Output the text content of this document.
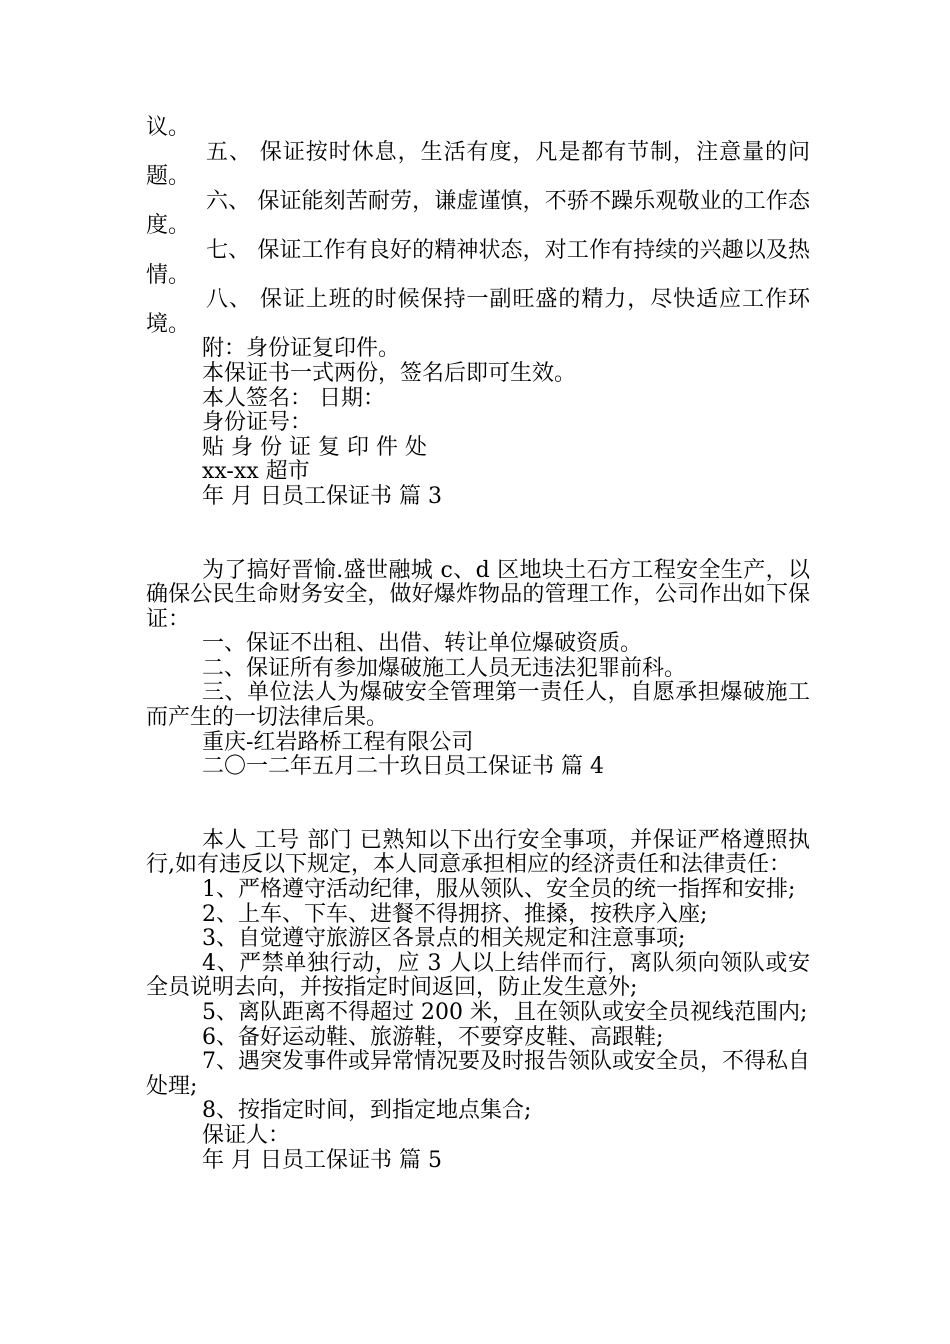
议。

五、 保证按时休息，生活有度，凡是都有节制，注意量的问题。

六、 保证能刻苦耐劳，谦虚谨慎，不骄不躁乐观敬业的工作态度。

七、 保证工作有良好的精神状态，对工作有持续的兴趣以及热情。

八、 保证上班的时候保持一副旺盛的精力，尽快适应工作环境。

附：身份证复印件。

本保证书一式两份，签名后即可生效。

本人签名： 日期：

身份证号：

贴 身 份 证 复 印 件 处

xx-xx 超市

年 月 日员工保证书 篇 3

为了搞好晋愉.盛世融城 c、d 区地块土石方工程安全生产，以确保公民生命财务安全，做好爆炸物品的管理工作，公司作出如下保证：

一、保证不出租、出借、转让单位爆破资质。

二、保证所有参加爆破施工人员无违法犯罪前科。

三、单位法人为爆破安全管理第一责任人，自愿承担爆破施工而产生的一切法律后果。

重庆-红岩路桥工程有限公司

二〇一二年五月二十玖日员工保证书 篇 4

本人 工号 部门 已熟知以下出行安全事项，并保证严格遵照执行,如有违反以下规定，本人同意承担相应的经济责任和法律责任：

1、严格遵守活动纪律，服从领队、安全员的统一指挥和安排;

2、上车、下车、进餐不得拥挤、推搡，按秩序入座;

3、自觉遵守旅游区各景点的相关规定和注意事项;

4、严禁单独行动，应 3 人以上结伴而行，离队须向领队或安全员说明去向，并按指定时间返回，防止发生意外;

5、离队距离不得超过 200 米，且在领队或安全员视线范围内;

6、备好运动鞋、旅游鞋，不要穿皮鞋、高跟鞋;

7、遇突发事件或异常情况要及时报告领队或安全员，不得私自处理;

8、按指定时间，到指定地点集合;

保证人：

年 月 日员工保证书 篇 5
